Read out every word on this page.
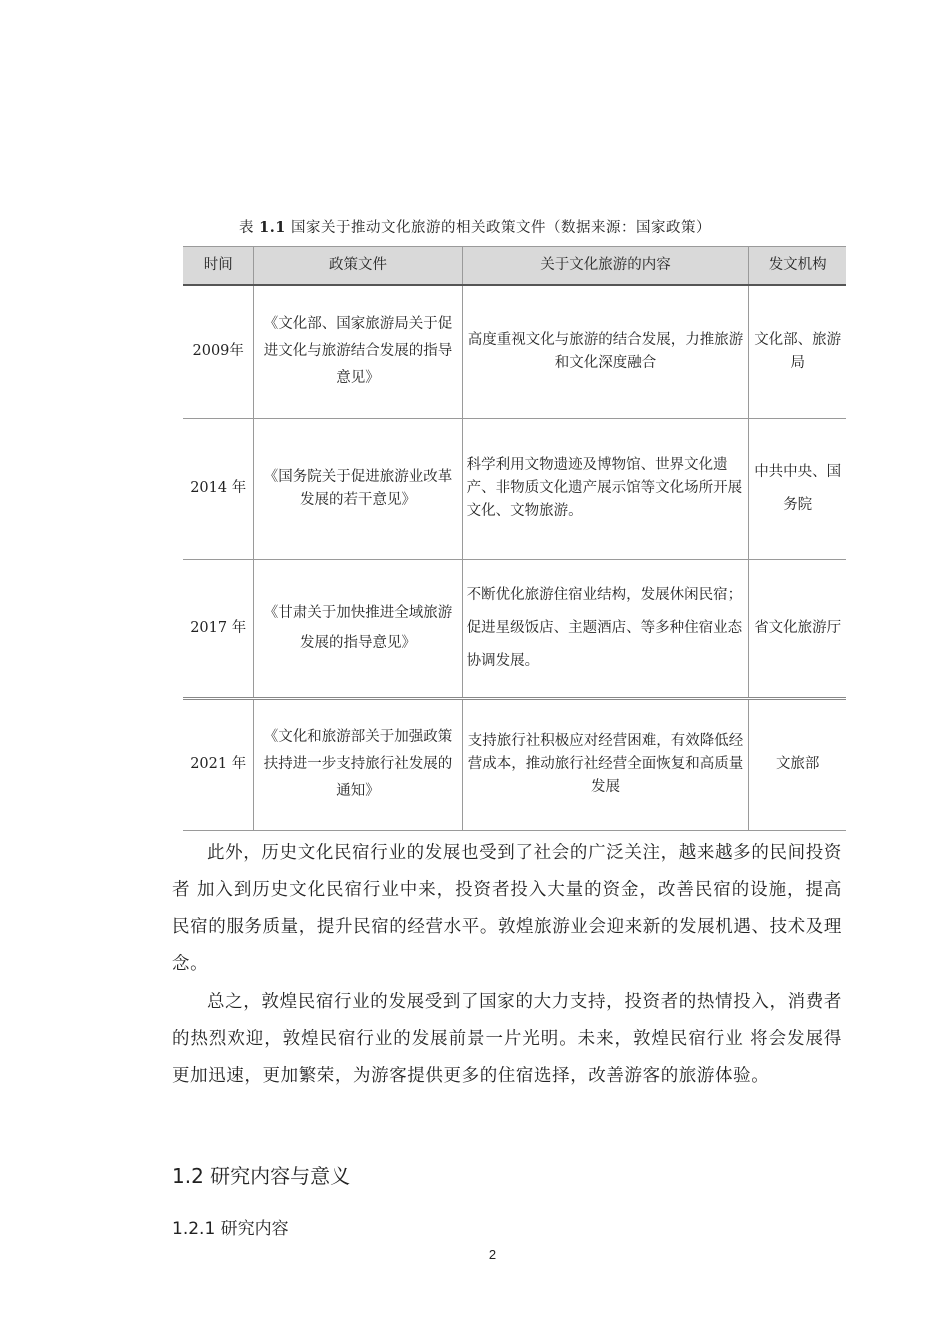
表 1.1 国家关于推动文化旅游的相关政策文件（数据来源：国家政策）
时间	政策文件	关于文化旅游的内容	发文机构
2009年	《文化部、国家旅游局关于促进文化与旅游结合发展的指导意见》	高度重视文化与旅游的结合发展，力推旅游和文化深度融合	文化部、旅游局
2014 年	《国务院关于促进旅游业改革发展的若干意见》	科学利用文物遗迹及博物馆、世界文化遗产、非物质文化遗产展示馆等文化场所开展文化、文物旅游。	中共中央、国务院
2017 年	《甘肃关于加快推进全域旅游发展的指导意见》	不断优化旅游住宿业结构，发展休闲民宿；促进星级饭店、主题酒店、等多种住宿业态协调发展。	省文化旅游厅
2021 年	《文化和旅游部关于加强政策扶持进一步支持旅行社发展的通知》	支持旅行社积极应对经营困难，有效降低经营成本，推动旅行社经营全面恢复和高质量发展	文旅部
此外，历史文化民宿行业的发展也受到了社会的广泛关注，越来越多的民间投资者 加入到历史文化民宿行业中来，投资者投入大量的资金，改善民宿的设施，提高民宿的服务质量，提升民宿的经营水平。敦煌旅游业会迎来新的发展机遇、技术及理念。
总之，敦煌民宿行业的发展受到了国家的大力支持，投资者的热情投入，消费者的热烈欢迎，敦煌民宿行业的发展前景一片光明。未来，敦煌民宿行业 将会发展得更加迅速，更加繁荣，为游客提供更多的住宿选择，改善游客的旅游体验。
1.2 研究内容与意义
1.2.1 研究内容
2
